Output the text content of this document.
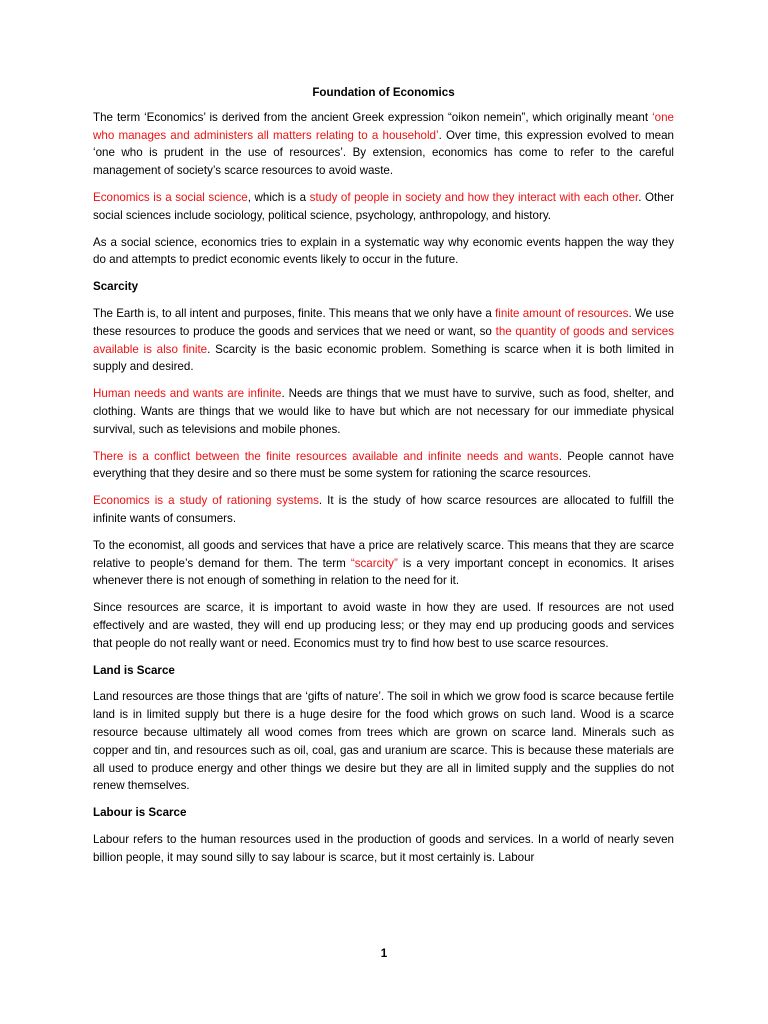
Foundation of Economics

The term ‘Economics’ is derived from the ancient Greek expression “oikon nemein”, which originally meant ‘one who manages and administers all matters relating to a household’. Over time, this expression evolved to mean ‘one who is prudent in the use of resources’. By extension, economics has come to refer to the careful management of society’s scarce resources to avoid waste.

Economics is a social science, which is a study of people in society and how they interact with each other. Other social sciences include sociology, political science, psychology, anthropology, and history.

As a social science, economics tries to explain in a systematic way why economic events happen the way they do and attempts to predict economic events likely to occur in the future.

Scarcity

The Earth is, to all intent and purposes, finite. This means that we only have a finite amount of resources. We use these resources to produce the goods and services that we need or want, so the quantity of goods and services available is also finite. Scarcity is the basic economic problem. Something is scarce when it is both limited in supply and desired.

Human needs and wants are infinite. Needs are things that we must have to survive, such as food, shelter, and clothing. Wants are things that we would like to have but which are not necessary for our immediate physical survival, such as televisions and mobile phones.

There is a conflict between the finite resources available and infinite needs and wants. People cannot have everything that they desire and so there must be some system for rationing the scarce resources.

Economics is a study of rationing systems. It is the study of how scarce resources are allocated to fulfill the infinite wants of consumers.

To the economist, all goods and services that have a price are relatively scarce. This means that they are scarce relative to people’s demand for them. The term “scarcity” is a very important concept in economics. It arises whenever there is not enough of something in relation to the need for it.

Since resources are scarce, it is important to avoid waste in how they are used. If resources are not used effectively and are wasted, they will end up producing less; or they may end up producing goods and services that people do not really want or need. Economics must try to find how best to use scarce resources.

Land is Scarce

Land resources are those things that are ‘gifts of nature’. The soil in which we grow food is scarce because fertile land is in limited supply but there is a huge desire for the food which grows on such land. Wood is a scarce resource because ultimately all wood comes from trees which are grown on scarce land. Minerals such as copper and tin, and resources such as oil, coal, gas and uranium are scarce. This is because these materials are all used to produce energy and other things we desire but they are all in limited supply and the supplies do not renew themselves.

Labour is Scarce

Labour refers to the human resources used in the production of goods and services. In a world of nearly seven billion people, it may sound silly to say labour is scarce, but it most certainly is. Labour

1
